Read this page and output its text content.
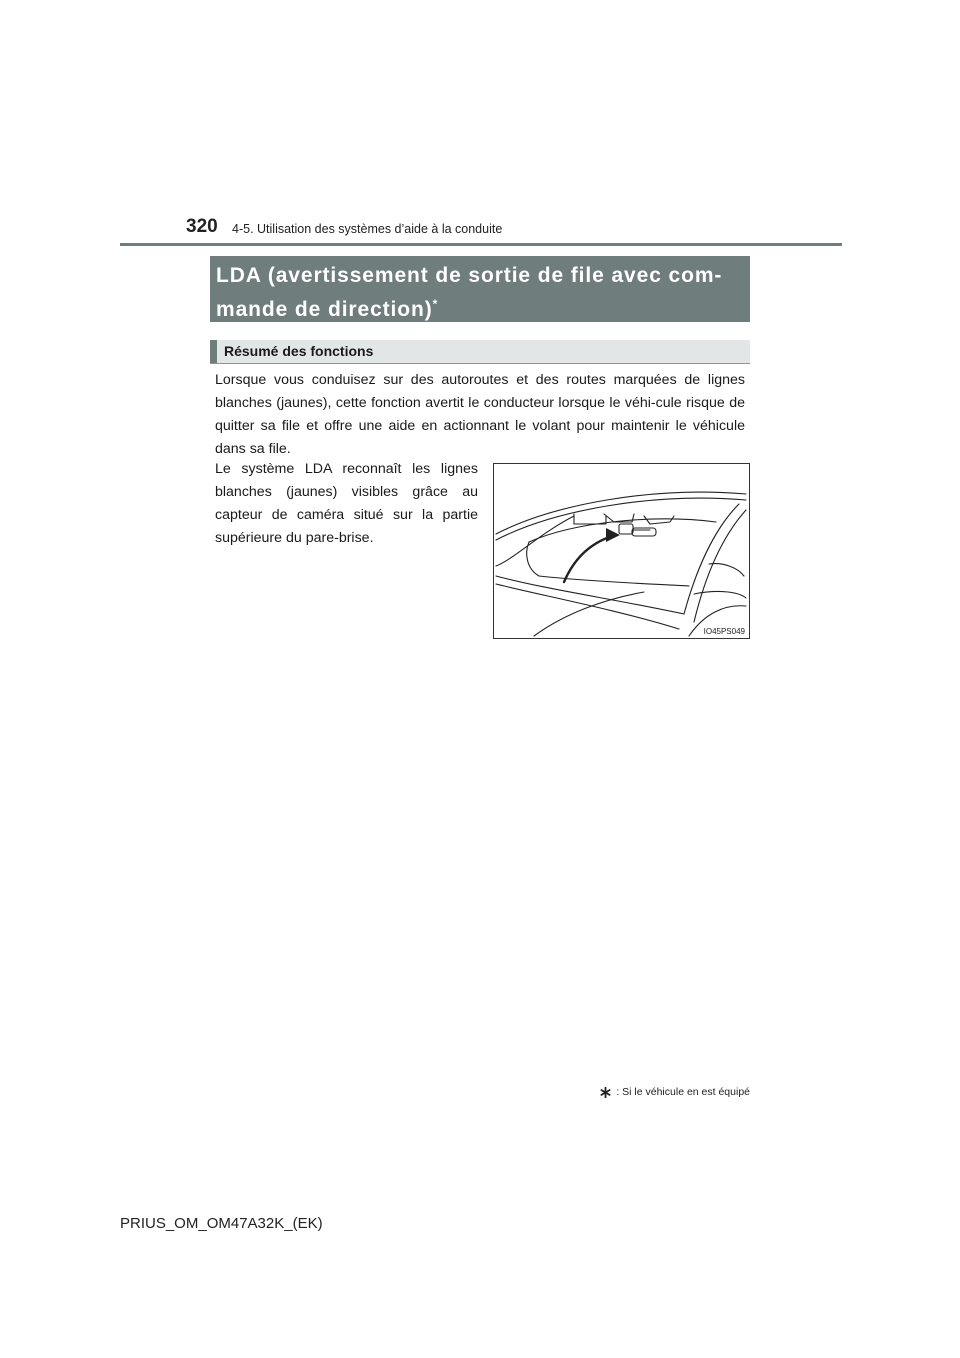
320 4-5. Utilisation des systèmes d’aide à la conduite
LDA (avertissement de sortie de file avec com-
mande de direction)*
Résumé des fonctions

Lorsque vous conduisez sur des autoroutes et des routes marquées de lignes blanches (jaunes), cette fonction avertit le conducteur lorsque le véhi-cule risque de quitter sa file et offre une aide en actionnant le volant pour maintenir le véhicule dans sa file.

Le système LDA reconnaît les lignes blanches (jaunes) visibles grâce au capteur de caméra situé sur la partie supérieure du pare-brise.

IO45PS049
: Si le véhicule en est équipé
PRIUS_OM_OM47A32K_(EK)
